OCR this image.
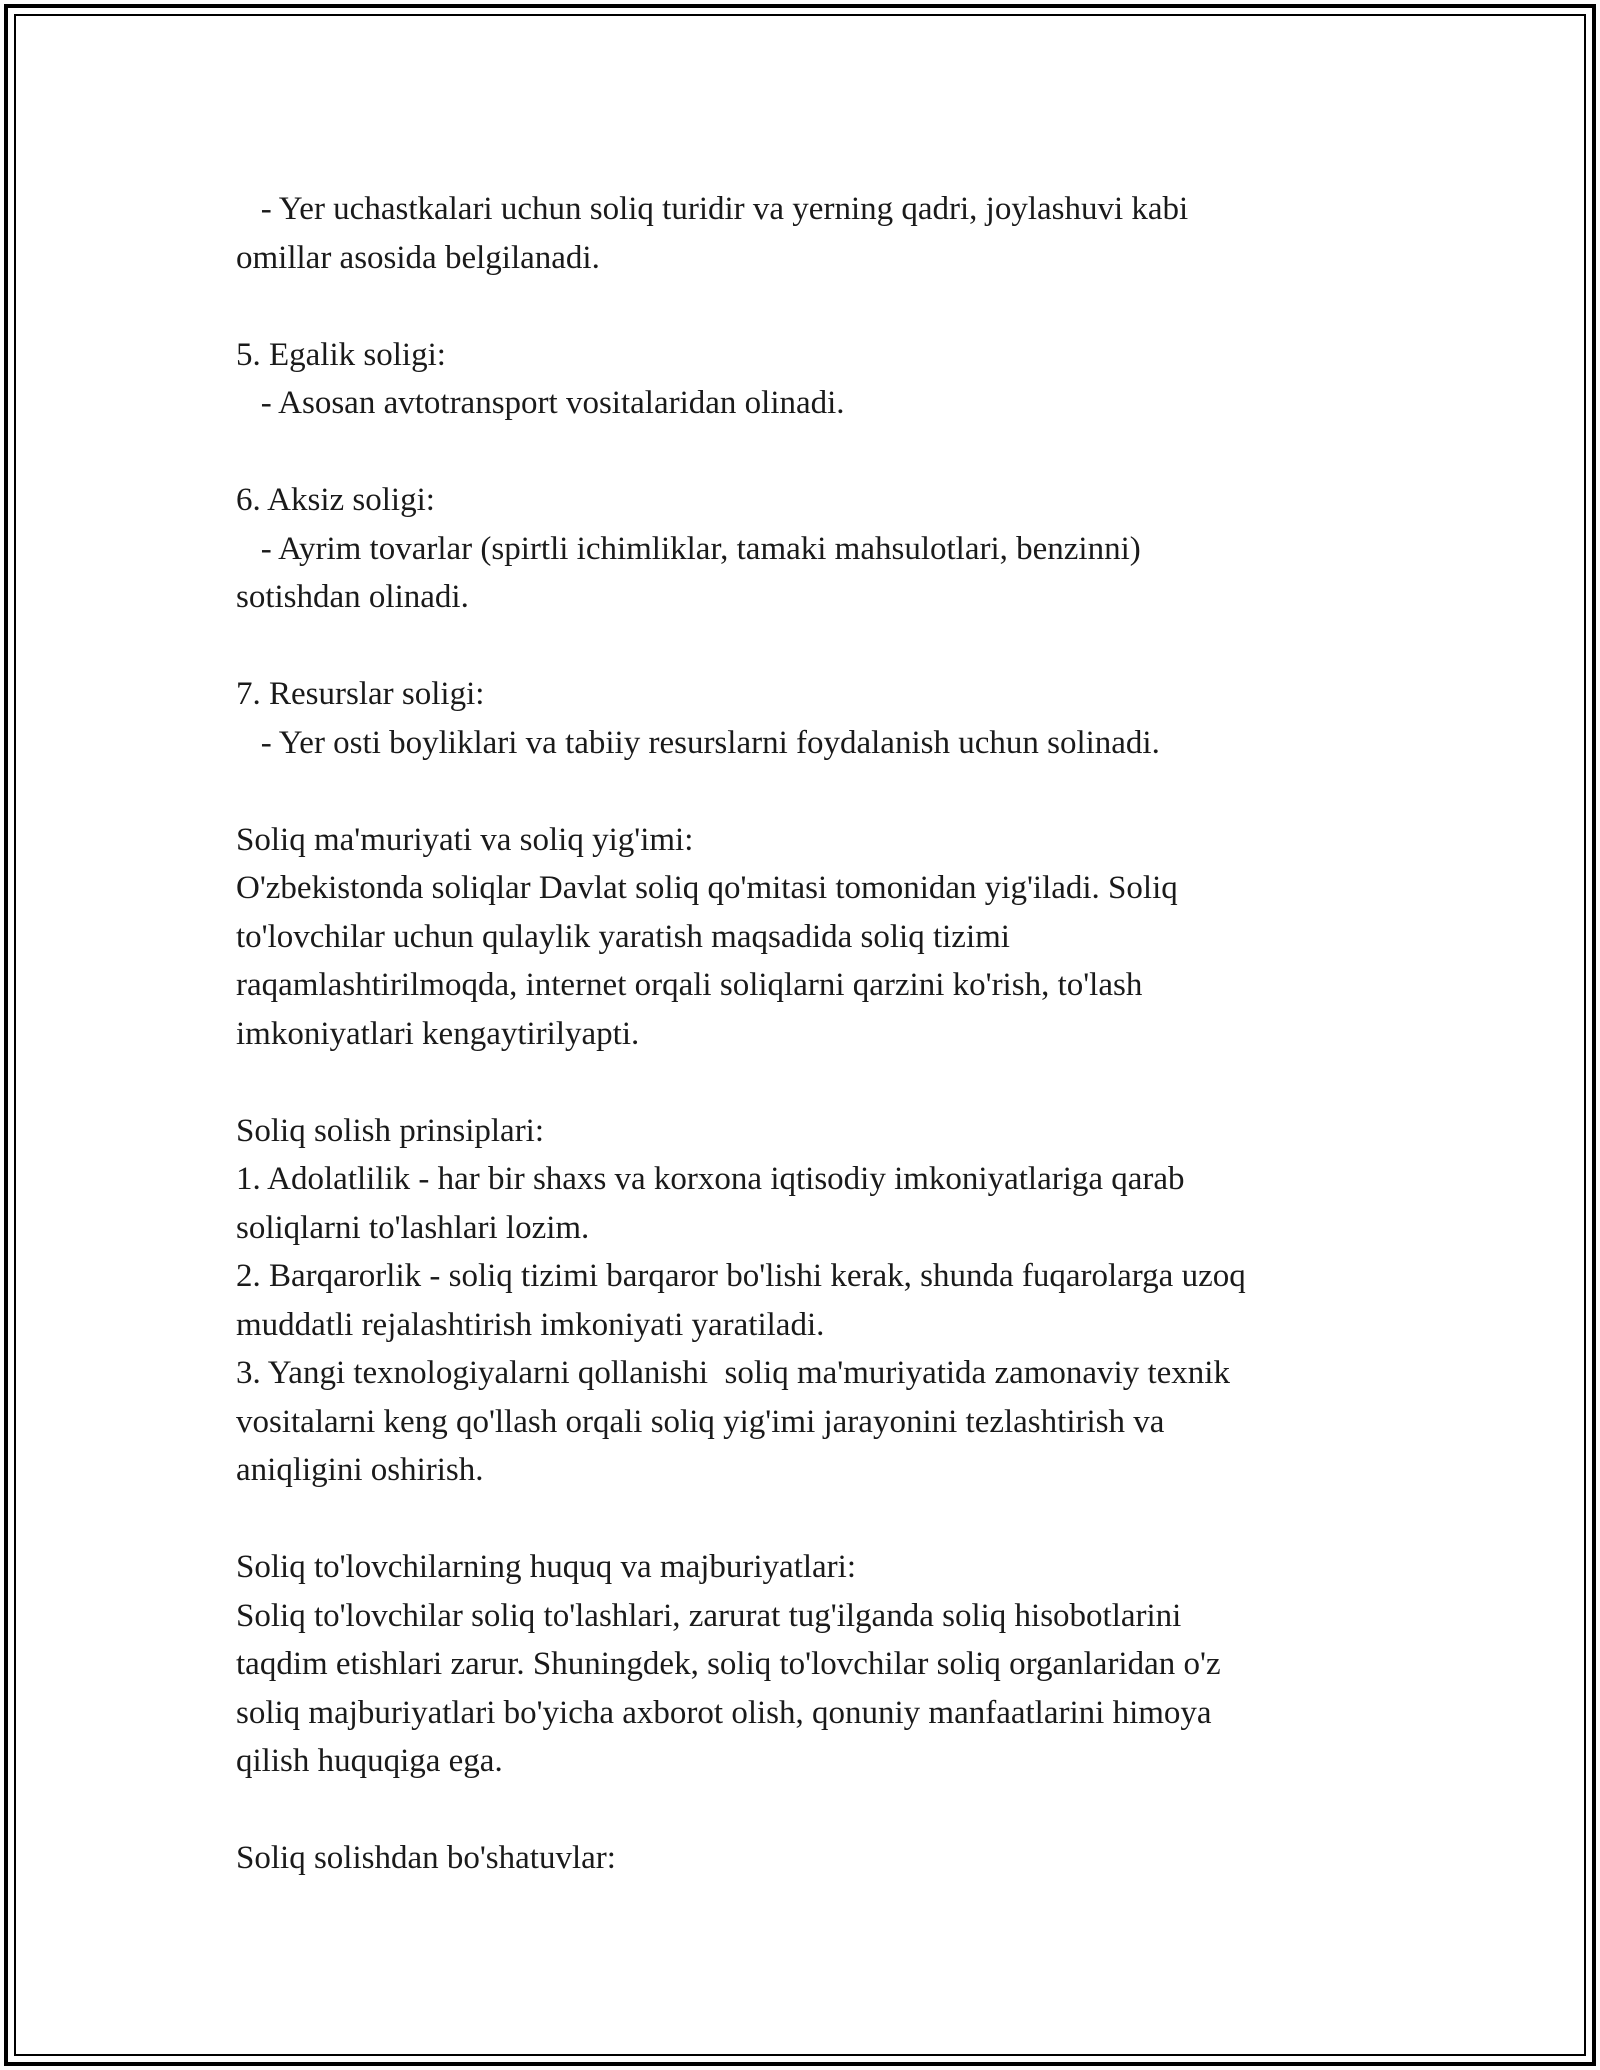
- Yer uchastkalari uchun soliq turidir va yerning qadri, joylashuvi kabi
omillar asosida belgilanadi.
5. Egalik soligi:
- Asosan avtotransport vositalaridan olinadi.
6. Aksiz soligi:
- Ayrim tovarlar (spirtli ichimliklar, tamaki mahsulotlari, benzinni)
sotishdan olinadi.
7. Resurslar soligi:
- Yer osti boyliklari va tabiiy resurslarni foydalanish uchun solinadi.
Soliq ma'muriyati va soliq yig'imi:
O'zbekistonda soliqlar Davlat soliq qo'mitasi tomonidan yig'iladi. Soliq
to'lovchilar uchun qulaylik yaratish maqsadida soliq tizimi
raqamlashtirilmoqda, internet orqali soliqlarni qarzini ko'rish, to'lash
imkoniyatlari kengaytirilyapti.
Soliq solish prinsiplari:
1. Adolatlilik - har bir shaxs va korxona iqtisodiy imkoniyatlariga qarab
soliqlarni to'lashlari lozim.
2. Barqarorlik - soliq tizimi barqaror bo'lishi kerak, shunda fuqarolarga uzoq
muddatli rejalashtirish imkoniyati yaratiladi.
3. Yangi texnologiyalarni qollanishi  soliq ma'muriyatida zamonaviy texnik
vositalarni keng qo'llash orqali soliq yig'imi jarayonini tezlashtirish va
aniqligini oshirish.
Soliq to'lovchilarning huquq va majburiyatlari:
Soliq to'lovchilar soliq to'lashlari, zarurat tug'ilganda soliq hisobotlarini
taqdim etishlari zarur. Shuningdek, soliq to'lovchilar soliq organlaridan o'z
soliq majburiyatlari bo'yicha axborot olish, qonuniy manfaatlarini himoya
qilish huquqiga ega.
Soliq solishdan bo'shatuvlar:
